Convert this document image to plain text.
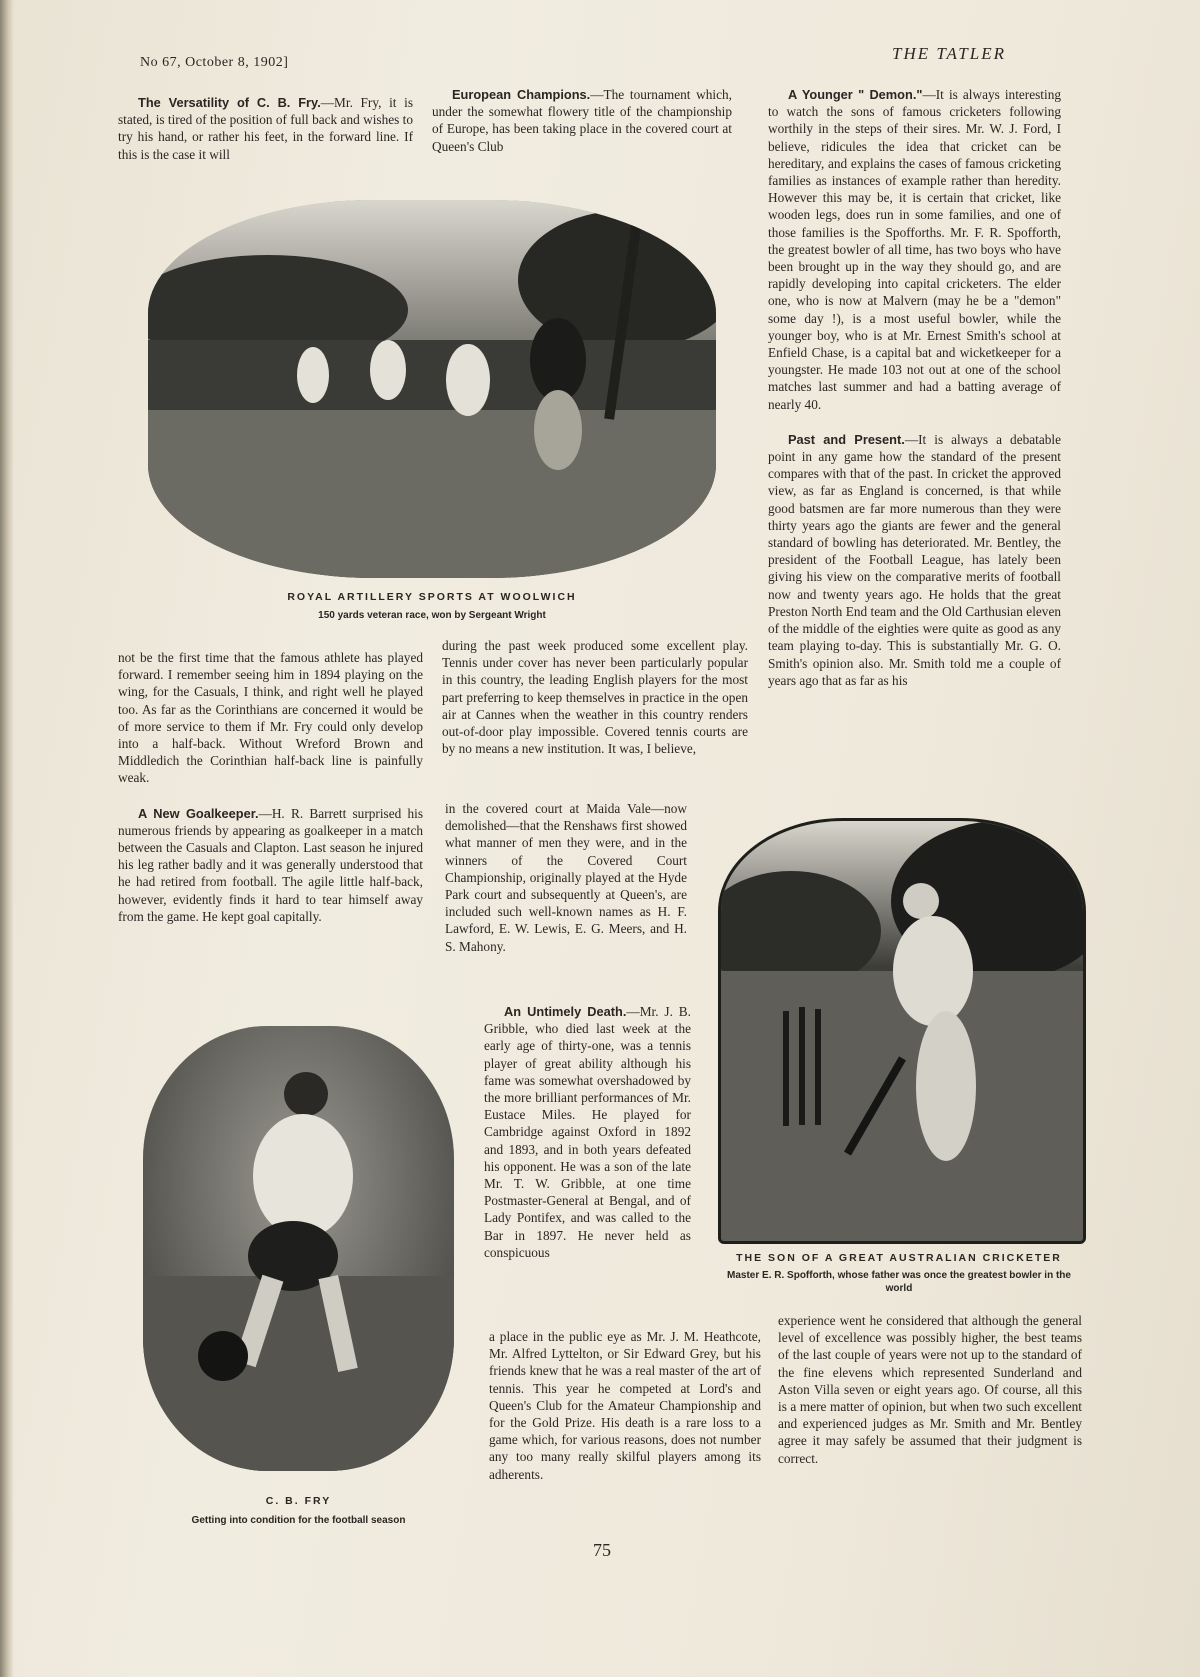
No 67, October 8, 1902]	THE TATLER

The Versatility of C. B. Fry.—Mr. Fry, it is stated, is tired of the position of full back and wishes to try his hand, or rather his feet, in the forward line. If this is the case it will

European Champions.—The tournament which, under the somewhat flowery title of the championship of Europe, has been taking place in the covered court at Queen's Club

ROYAL ARTILLERY SPORTS AT WOOLWICH
150 yards veteran race, won by Sergeant Wright

not be the first time that the famous athlete has played forward. I remember seeing him in 1894 playing on the wing, for the Casuals, I think, and right well he played too. As far as the Corinthians are concerned it would be of more service to them if Mr. Fry could only develop into a half-back. Without Wreford Brown and Middledich the Corinthian half-back line is painfully weak.

A New Goalkeeper.—H. R. Barrett surprised his numerous friends by appearing as goalkeeper in a match between the Casuals and Clapton. Last season he injured his leg rather badly and it was generally understood that he had retired from football. The agile little half-back, however, evidently finds it hard to tear himself away from the game. He kept goal capitally.

during the past week produced some excellent play. Tennis under cover has never been particularly popular in this country, the leading English players for the most part preferring to keep themselves in practice in the open air at Cannes when the weather in this country renders out-of-door play impossible. Covered tennis courts are by no means a new institution. It was, I believe,
in the covered court at Maida Vale—now demolished—that the Renshaws first showed what manner of men they were, and in the winners of the Covered Court Championship, originally played at the Hyde Park court and subsequently at Queen's, are included such well-known names as H. F. Lawford, E. W. Lewis, E. G. Meers, and H. S. Mahony.

An Untimely Death.—Mr. J. B. Gribble, who died last week at the early age of thirty-one, was a tennis player of great ability although his fame was somewhat overshadowed by the more brilliant performances of Mr. Eustace Miles. He played for Cambridge against Oxford in 1892 and 1893, and in both years defeated his opponent. He was a son of the late Mr. T. W. Gribble, at one time Postmaster-General at Bengal, and of Lady Pontifex, and was called to the Bar in 1897. He never held as conspicuous

a place in the public eye as Mr. J. M. Heathcote, Mr. Alfred Lyttelton, or Sir Edward Grey, but his friends knew that he was a real master of the art of tennis. This year he competed at Lord's and Queen's Club for the Amateur Championship and for the Gold Prize. His death is a rare loss to a game which, for various reasons, does not number any too many really skilful players among its adherents.
C. B. FRY
Getting into condition for the football season

A Younger " Demon."—It is always interesting to watch the sons of famous cricketers following worthily in the steps of their sires. Mr. W. J. Ford, I believe, ridicules the idea that cricket can be hereditary, and explains the cases of famous cricketing families as instances of example rather than heredity. However this may be, it is certain that cricket, like wooden legs, does run in some families, and one of those families is the Spofforths. Mr. F. R. Spofforth, the greatest bowler of all time, has two boys who have been brought up in the way they should go, and are rapidly developing into capital cricketers. The elder one, who is now at Malvern (may he be a "demon" some day !), is a most useful bowler, while the younger boy, who is at Mr. Ernest Smith's school at Enfield Chase, is a capital bat and wicketkeeper for a youngster. He made 103 not out at one of the school matches last summer and had a batting average of nearly 40.

Past and Present.—It is always a debatable point in any game how the standard of the present compares with that of the past. In cricket the approved view, as far as England is concerned, is that while good batsmen are far more numerous than they were thirty years ago the giants are fewer and the general standard of bowling has deteriorated. Mr. Bentley, the president of the Football League, has lately been giving his view on the comparative merits of football now and twenty years ago. He holds that the great Preston North End team and the Old Carthusian eleven of the middle of the eighties were quite as good as any team playing to-day. This is substantially Mr. G. O. Smith's opinion also. Mr. Smith told me a couple of years ago that as far as his

THE SON OF A GREAT AUSTRALIAN CRICKETER
Master E. R. Spofforth, whose father was once the greatest bowler in the world
experience went he considered that although the general level of excellence was possibly higher, the best teams of the last couple of years were not up to the standard of the fine elevens which represented Sunderland and Aston Villa seven or eight years ago. Of course, all this is a mere matter of opinion, but when two such excellent and experienced judges as Mr. Smith and Mr. Bentley agree it may safely be assumed that their judgment is correct.
75
